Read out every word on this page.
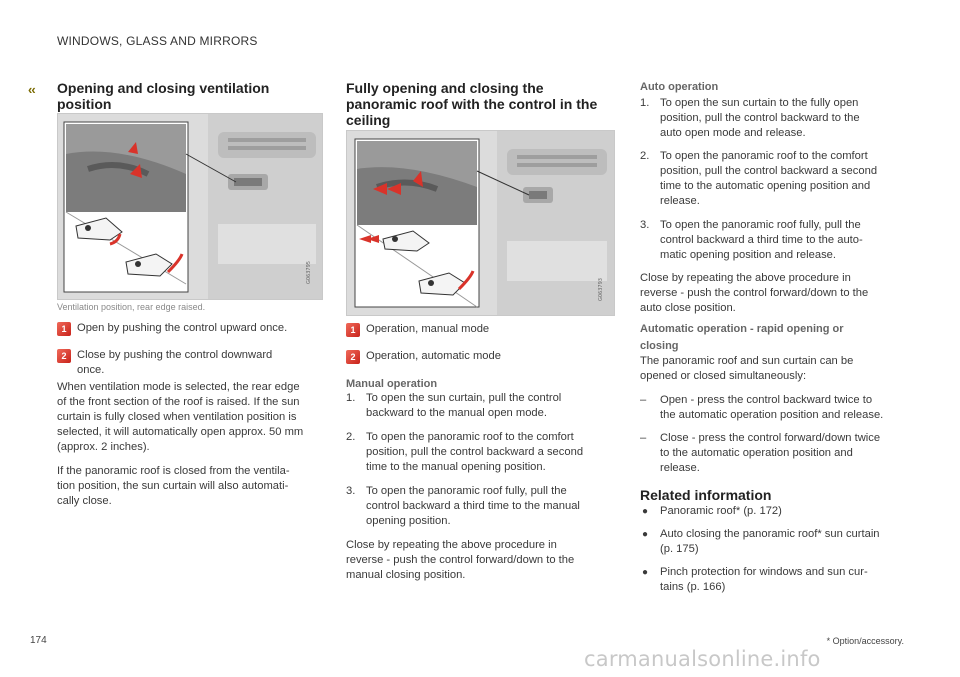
WINDOWS, GLASS AND MIRRORS
‹‹ Opening and closing ventilation
position
G063795
Ventilation position, rear edge raised.
1 Open by pushing the control upward once.
2 Close by pushing the control downward
once.
When ventilation mode is selected, the rear edge
of the front section of the roof is raised. If the sun
curtain is fully closed when ventilation position is
selected, it will automatically open approx. 50 mm
(approx. 2 inches).
If the panoramic roof is closed from the ventila-
tion position, the sun curtain will also automati-
cally close.
Fully opening and closing the
panoramic roof with the control in the
ceiling
G063793
1 Operation, manual mode
2 Operation, automatic mode
Manual operation
1. To open the sun curtain, pull the control
backward to the manual open mode.
2. To open the panoramic roof to the comfort
position, pull the control backward a second
time to the manual opening position.
3. To open the panoramic roof fully, pull the
control backward a third time to the manual
opening position.
Close by repeating the above procedure in
reverse - push the control forward/down to the
manual closing position.
Auto operation
1. To open the sun curtain to the fully open
position, pull the control backward to the
auto open mode and release.
2. To open the panoramic roof to the comfort
position, pull the control backward a second
time to the automatic opening position and
release.
3. To open the panoramic roof fully, pull the
control backward a third time to the auto-
matic opening position and release.
Close by repeating the above procedure in
reverse - push the control forward/down to the
auto close position.
Automatic operation - rapid opening or
closing
The panoramic roof and sun curtain can be
opened or closed simultaneously:
– Open - press the control backward twice to
the automatic operation position and release.
– Close - press the control forward/down twice
to the automatic operation position and
release.
Related information
● Panoramic roof* (p. 172)
● Auto closing the panoramic roof* sun curtain
(p. 175)
● Pinch protection for windows and sun cur-
tains (p. 166)
174	* Option/accessory.
carmanualsonline.info
